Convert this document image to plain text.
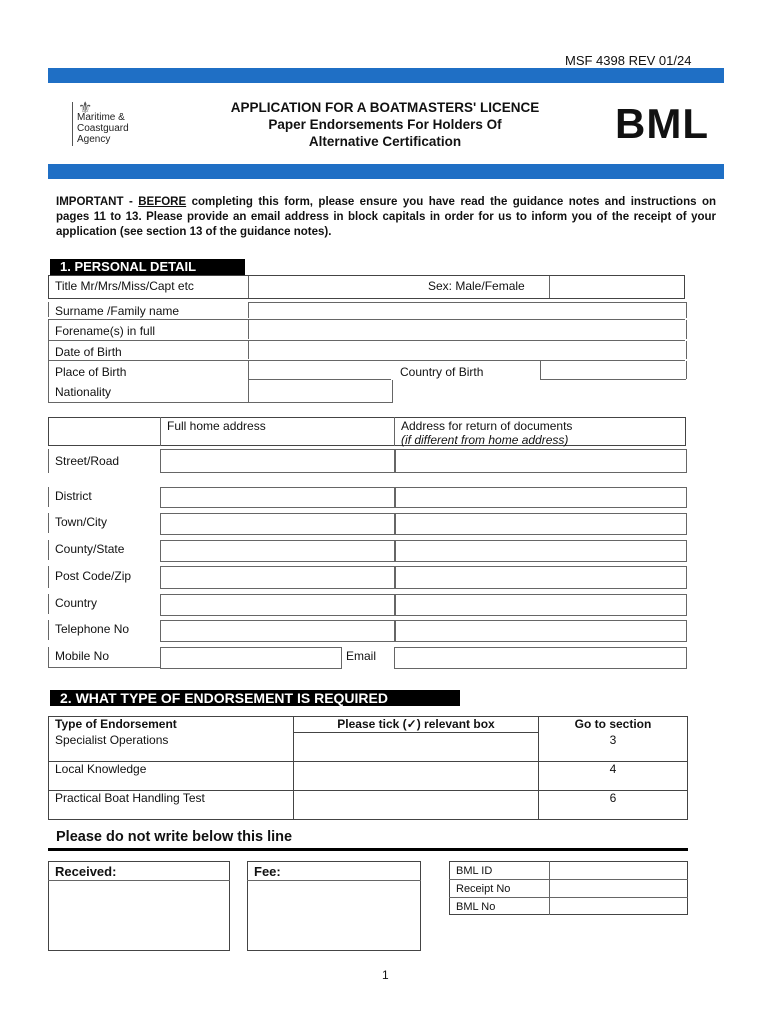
MSF 4398 REV 01/24
⚜
Maritime &
Coastguard
Agency
APPLICATION FOR A BOATMASTERS' LICENCE
Paper Endorsements For Holders Of
Alternative Certification	BML
IMPORTANT - BEFORE completing this form, please ensure you have read the guidance notes and instructions on pages 11 to 13. Please provide an email address in block capitals in order for us to inform you of the receipt of your application (see section 13 of the guidance notes).
1. PERSONAL DETAIL
Title Mr/Mrs/Miss/Capt etc	Sex: Male/Female
Surname /Family name
Forename(s) in full
Date of Birth
Place of Birth	Country of Birth
Nationality
Full home address	Address for return of documents
(if different from home address)
Street/Road
District
Town/City
County/State
Post Code/Zip
Country
Telephone No
Mobile No	Email
2. WHAT TYPE OF ENDORSEMENT IS REQUIRED
Type of Endorsement	Please tick (✓) relevant box	Go to section
Specialist Operations		3
Local Knowledge		4
Practical Boat Handling Test		6
Please do not write below this line
Received:	Fee:	BML ID
Receipt No
BML No
1
